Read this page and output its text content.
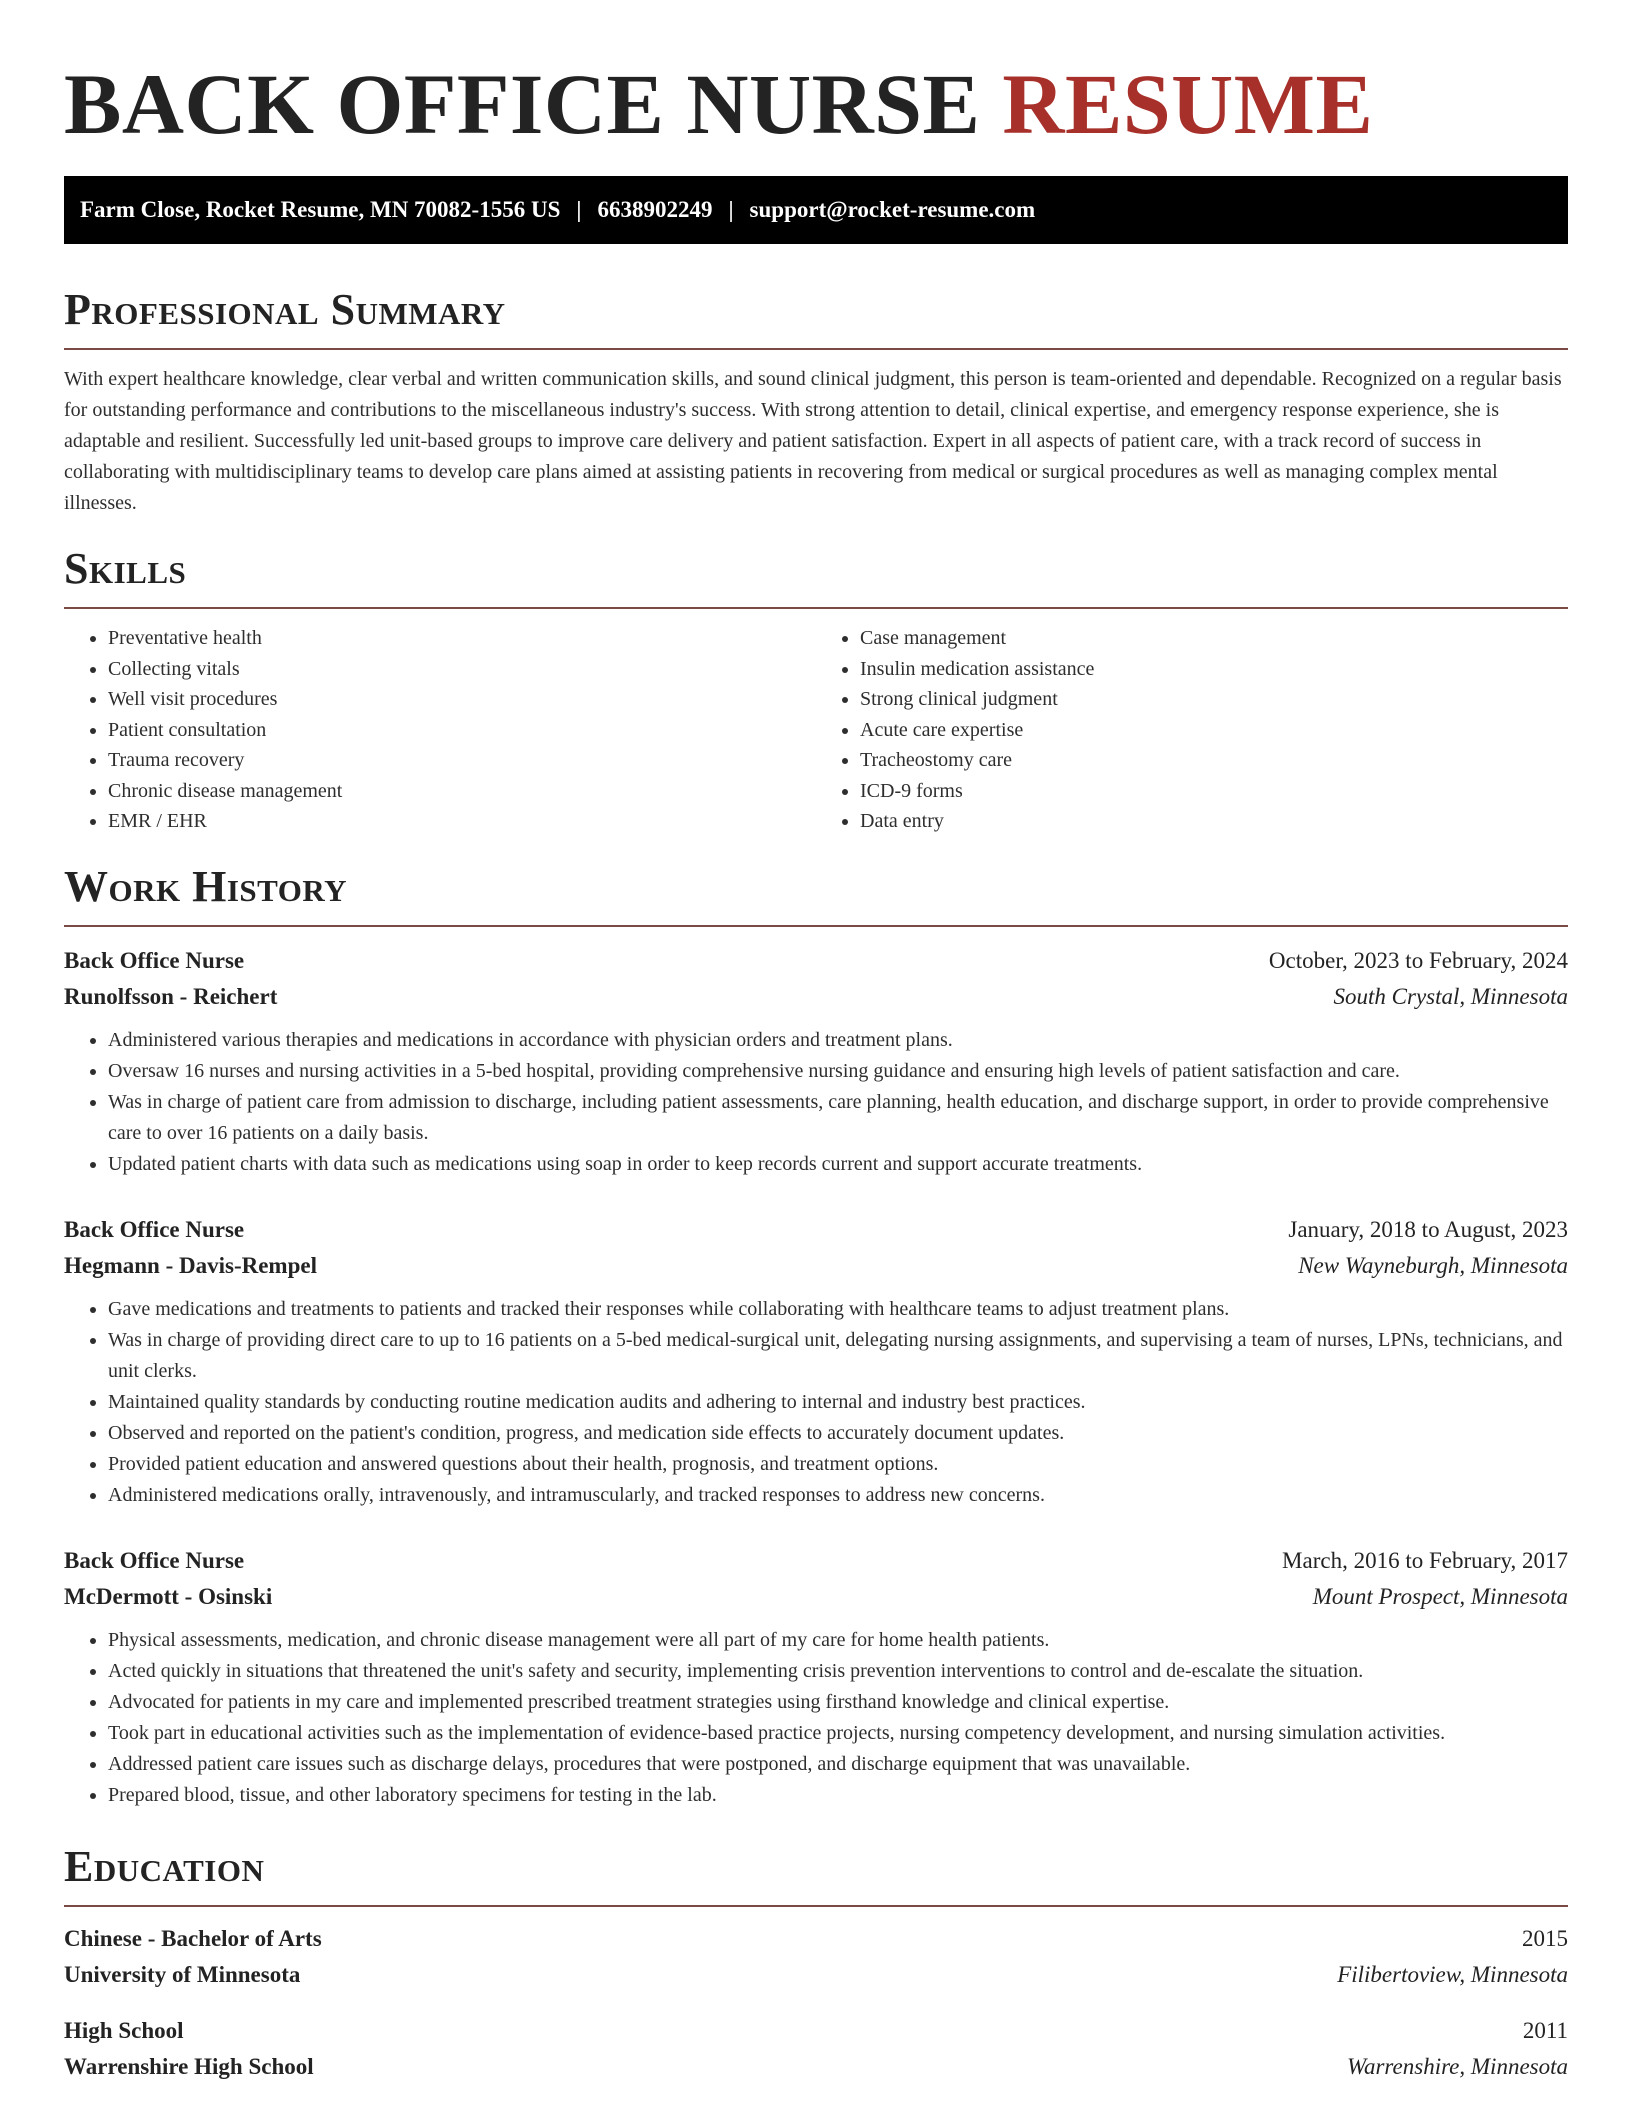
BACK OFFICE NURSE RESUME
Farm Close, Rocket Resume, MN 70082-1556 US | 6638902249 | support@rocket-resume.com
Professional Summary

With expert healthcare knowledge, clear verbal and written communication skills, and sound clinical judgment, this person is team-oriented and dependable. Recognized on a regular basis for outstanding performance and contributions to the miscellaneous industry's success. With strong attention to detail, clinical expertise, and emergency response experience, she is adaptable and resilient. Successfully led unit-based groups to improve care delivery and patient satisfaction. Expert in all aspects of patient care, with a track record of success in collaborating with multidisciplinary teams to develop care plans aimed at assisting patients in recovering from medical or surgical procedures as well as managing complex mental illnesses.

Skills
• Preventative health
• Collecting vitals
• Well visit procedures
• Patient consultation
• Trauma recovery
• Chronic disease management
• EMR / EHR
• Case management
• Insulin medication assistance
• Strong clinical judgment
• Acute care expertise
• Tracheostomy care
• ICD-9 forms
• Data entry
Work History
Back Office Nurse	October, 2023 to February, 2024
Runolfsson - Reichert	South Crystal, Minnesota
• Administered various therapies and medications in accordance with physician orders and treatment plans.
• Oversaw 16 nurses and nursing activities in a 5-bed hospital, providing comprehensive nursing guidance and ensuring high levels of patient satisfaction and care.
• Was in charge of patient care from admission to discharge, including patient assessments, care planning, health education, and discharge support, in order to provide comprehensive care to over 16 patients on a daily basis.
• Updated patient charts with data such as medications using soap in order to keep records current and support accurate treatments.
Back Office Nurse	January, 2018 to August, 2023
Hegmann - Davis-Rempel	New Wayneburgh, Minnesota
• Gave medications and treatments to patients and tracked their responses while collaborating with healthcare teams to adjust treatment plans.
• Was in charge of providing direct care to up to 16 patients on a 5-bed medical-surgical unit, delegating nursing assignments, and supervising a team of nurses, LPNs, technicians, and unit clerks.
• Maintained quality standards by conducting routine medication audits and adhering to internal and industry best practices.
• Observed and reported on the patient's condition, progress, and medication side effects to accurately document updates.
• Provided patient education and answered questions about their health, prognosis, and treatment options.
• Administered medications orally, intravenously, and intramuscularly, and tracked responses to address new concerns.
Back Office Nurse	March, 2016 to February, 2017
McDermott - Osinski	Mount Prospect, Minnesota
• Physical assessments, medication, and chronic disease management were all part of my care for home health patients.
• Acted quickly in situations that threatened the unit's safety and security, implementing crisis prevention interventions to control and de-escalate the situation.
• Advocated for patients in my care and implemented prescribed treatment strategies using firsthand knowledge and clinical expertise.
• Took part in educational activities such as the implementation of evidence-based practice projects, nursing competency development, and nursing simulation activities.
• Addressed patient care issues such as discharge delays, procedures that were postponed, and discharge equipment that was unavailable.
• Prepared blood, tissue, and other laboratory specimens for testing in the lab.
Education
Chinese - Bachelor of Arts	2015
University of Minnesota	Filibertoview, Minnesota
High School	2011
Warrenshire High School	Warrenshire, Minnesota
